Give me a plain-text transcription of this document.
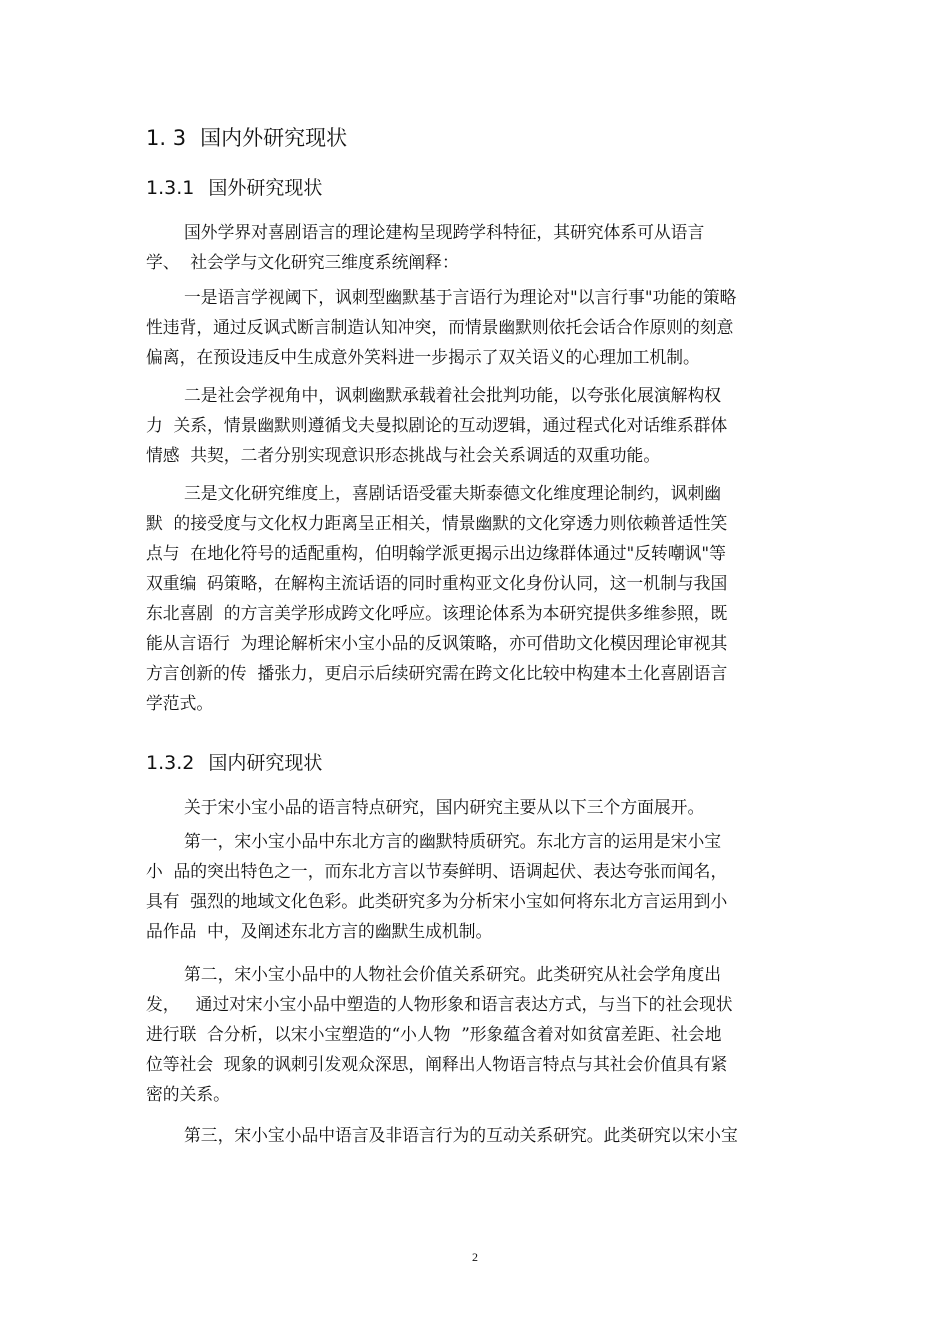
1. 3 国内外研究现状
1.3.1 国外研究现状
国外学界对喜剧语言的理论建构呈现跨学科特征，其研究体系可从语言
学、  社会学与文化研究三维度系统阐释：
一是语言学视阈下，讽刺型幽默基于言语行为理论对"以言行事"功能的策略
性违背，通过反讽式断言制造认知冲突，而情景幽默则依托会话合作原则的刻意
偏离，在预设违反中生成意外笑料进一步揭示了双关语义的心理加工机制。
二是社会学视角中，讽刺幽默承载着社会批判功能，以夸张化展演解构权
力  关系，情景幽默则遵循戈夫曼拟剧论的互动逻辑，通过程式化对话维系群体
情感  共契，二者分别实现意识形态挑战与社会关系调适的双重功能。
三是文化研究维度上，喜剧话语受霍夫斯泰德文化维度理论制约，讽刺幽
默  的接受度与文化权力距离呈正相关，情景幽默的文化穿透力则依赖普适性笑
点与  在地化符号的适配重构，伯明翰学派更揭示出边缘群体通过"反转嘲讽"等
双重编  码策略，在解构主流话语的同时重构亚文化身份认同，这一机制与我国
东北喜剧  的方言美学形成跨文化呼应。该理论体系为本研究提供多维参照，既
能从言语行  为理论解析宋小宝小品的反讽策略，亦可借助文化模因理论审视其
方言创新的传  播张力，更启示后续研究需在跨文化比较中构建本土化喜剧语言
学范式。
1.3.2 国内研究现状
关于宋小宝小品的语言特点研究，国内研究主要从以下三个方面展开。
第一，宋小宝小品中东北方言的幽默特质研究。东北方言的运用是宋小宝
小  品的突出特色之一，而东北方言以节奏鲜明、语调起伏、表达夸张而闻名，
具有  强烈的地域文化色彩。此类研究多为分析宋小宝如何将东北方言运用到小
品作品  中，及阐述东北方言的幽默生成机制。
第二，宋小宝小品中的人物社会价值关系研究。此类研究从社会学角度出
发，   通过对宋小宝小品中塑造的人物形象和语言表达方式，与当下的社会现状
进行联  合分析，以宋小宝塑造的“小人物  ”形象蕴含着对如贫富差距、社会地
位等社会  现象的讽刺引发观众深思，阐释出人物语言特点与其社会价值具有紧
密的关系。
第三，宋小宝小品中语言及非语言行为的互动关系研究。此类研究以宋小宝
2
